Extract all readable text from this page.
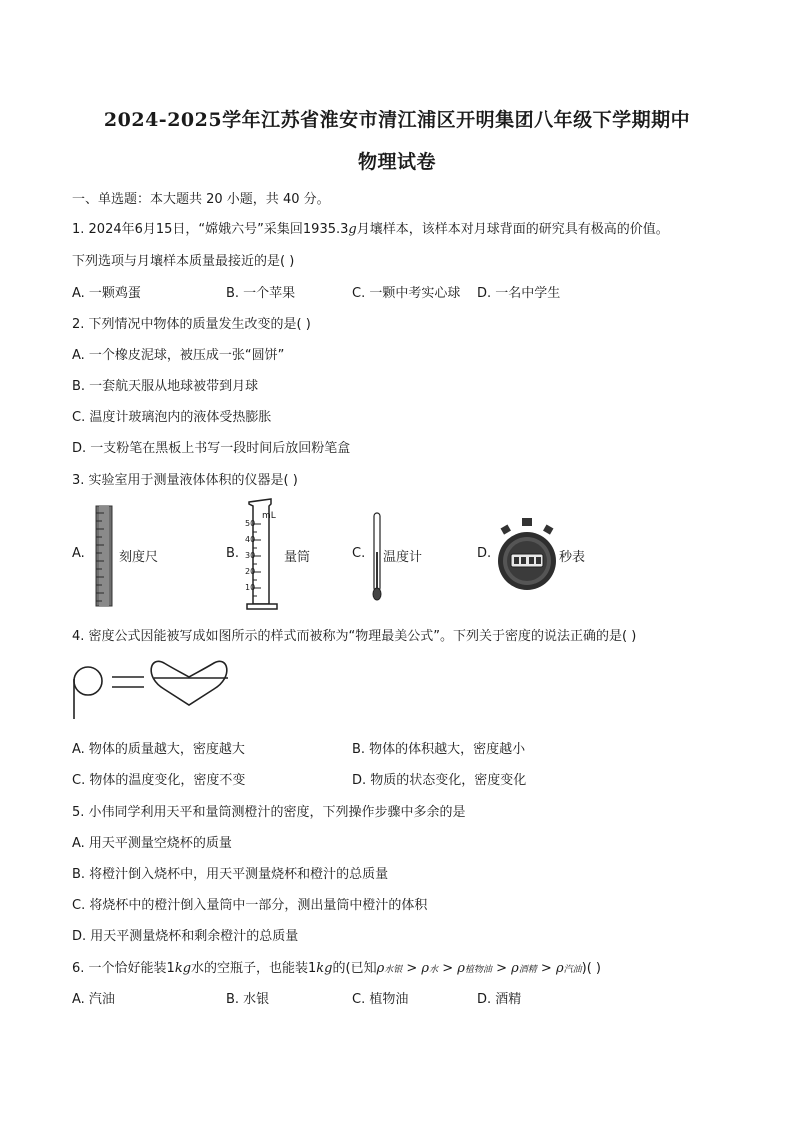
2024-2025学年江苏省淮安市清江浦区开明集团八年级下学期期中
物理试卷
一、单选题：本大题共 20 小题，共 40 分。
1. 2024年6月15日，“嫦娥六号”采集回1935.3g月壤样本，该样本对月球背面的研究具有极高的价值。
下列选项与月壤样本质量最接近的是( )
A. 一颗鸡蛋	B. 一个苹果	C. 一颗中考实心球 D. 一名中学生
2. 下列情况中物体的质量发生改变的是( )
A. 一个橡皮泥球，被压成一张“圆饼”
B. 一套航天服从地球被带到月球
C. 温度计玻璃泡内的液体受热膨胀
D. 一支粉笔在黑板上书写一段时间后放回粉笔盒
3. 实验室用于测量液体体积的仪器是( )
A.	刻度尺	B.
mL
50
40
30
20
10
量筒	C. 温度计	D.	秒表
4. 密度公式因能被写成如图所示的样式而被称为“物理最美公式”。下列关于密度的说法正确的是( )
A. 物体的质量越大，密度越大	B. 物体的体积越大，密度越小
C. 物体的温度变化，密度不变	D. 物质的状态变化，密度变化
5. 小伟同学利用天平和量筒测橙汁的密度，下列操作步骤中多余的是
A. 用天平测量空烧杯的质量
B. 将橙汁倒入烧杯中，用天平测量烧杯和橙汁的总质量
C. 将烧杯中的橙汁倒入量筒中一部分，测出量筒中橙汁的体积
D. 用天平测量烧杯和剩余橙汁的总质量
6. 一个恰好能装1kg水的空瓶子，也能装1kg的(已知ρ水银 > ρ水 > ρ植物油 > ρ酒精 > ρ汽油)( )
A. 汽油	B. 水银	C. 植物油	D. 酒精
